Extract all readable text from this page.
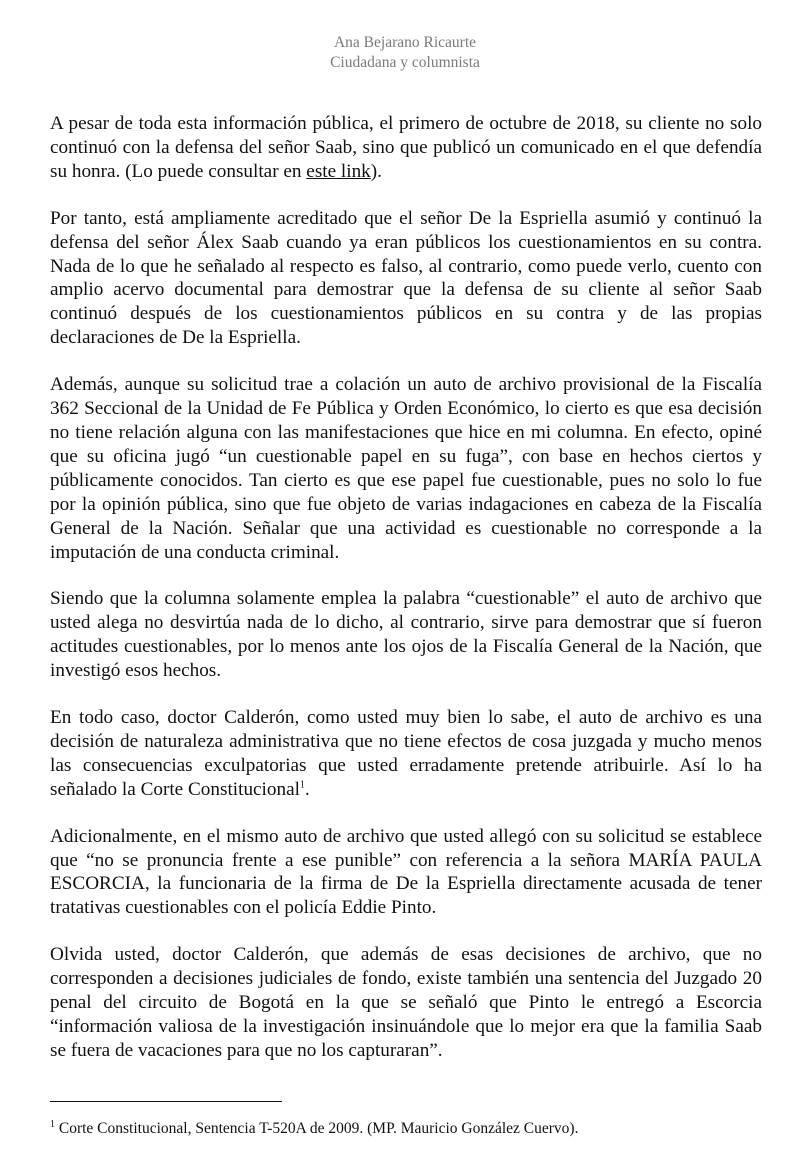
Ana Bejarano Ricaurte
Ciudadana y columnista

A pesar de toda esta información pública, el primero de octubre de 2018, su cliente no solo continuó con la defensa del señor Saab, sino que publicó un comunicado en el que defendía su honra. (Lo puede consultar en este link).

Por tanto, está ampliamente acreditado que el señor De la Espriella asumió y continuó la defensa del señor Álex Saab cuando ya eran públicos los cuestionamientos en su contra. Nada de lo que he señalado al respecto es falso, al contrario, como puede verlo, cuento con amplio acervo documental para demostrar que la defensa de su cliente al señor Saab continuó después de los cuestionamientos públicos en su contra y de las propias declaraciones de De la Espriella.

Además, aunque su solicitud trae a colación un auto de archivo provisional de la Fiscalía 362 Seccional de la Unidad de Fe Pública y Orden Económico, lo cierto es que esa decisión no tiene relación alguna con las manifestaciones que hice en mi columna. En efecto, opiné que su oficina jugó “un cuestionable papel en su fuga”, con base en hechos ciertos y públicamente conocidos. Tan cierto es que ese papel fue cuestionable, pues no solo lo fue por la opinión pública, sino que fue objeto de varias indagaciones en cabeza de la Fiscalía General de la Nación. Señalar que una actividad es cuestionable no corresponde a la imputación de una conducta criminal.

Siendo que la columna solamente emplea la palabra “cuestionable” el auto de archivo que usted alega no desvirtúa nada de lo dicho, al contrario, sirve para demostrar que sí fueron actitudes cuestionables, por lo menos ante los ojos de la Fiscalía General de la Nación, que investigó esos hechos.

En todo caso, doctor Calderón, como usted muy bien lo sabe, el auto de archivo es una decisión de naturaleza administrativa que no tiene efectos de cosa juzgada y mucho menos las consecuencias exculpatorias que usted erradamente pretende atribuirle. Así lo ha señalado la Corte Constitucional$^1$.

Adicionalmente, en el mismo auto de archivo que usted allegó con su solicitud se establece que “no se pronuncia frente a ese punible” con referencia a la señora MARÍA PAULA ESCORCIA, la funcionaria de la firma de De la Espriella directamente acusada de tener tratativas cuestionables con el policía Eddie Pinto.

Olvida usted, doctor Calderón, que además de esas decisiones de archivo, que no corresponden a decisiones judiciales de fondo, existe también una sentencia del Juzgado 20 penal del circuito de Bogotá en la que se señaló que Pinto le entregó a Escorcia “información valiosa de la investigación insinuándole que lo mejor era que la familia Saab se fuera de vacaciones para que no los capturaran”.

$^1$ Corte Constitucional, Sentencia T-520A de 2009. (MP. Mauricio González Cuervo).
